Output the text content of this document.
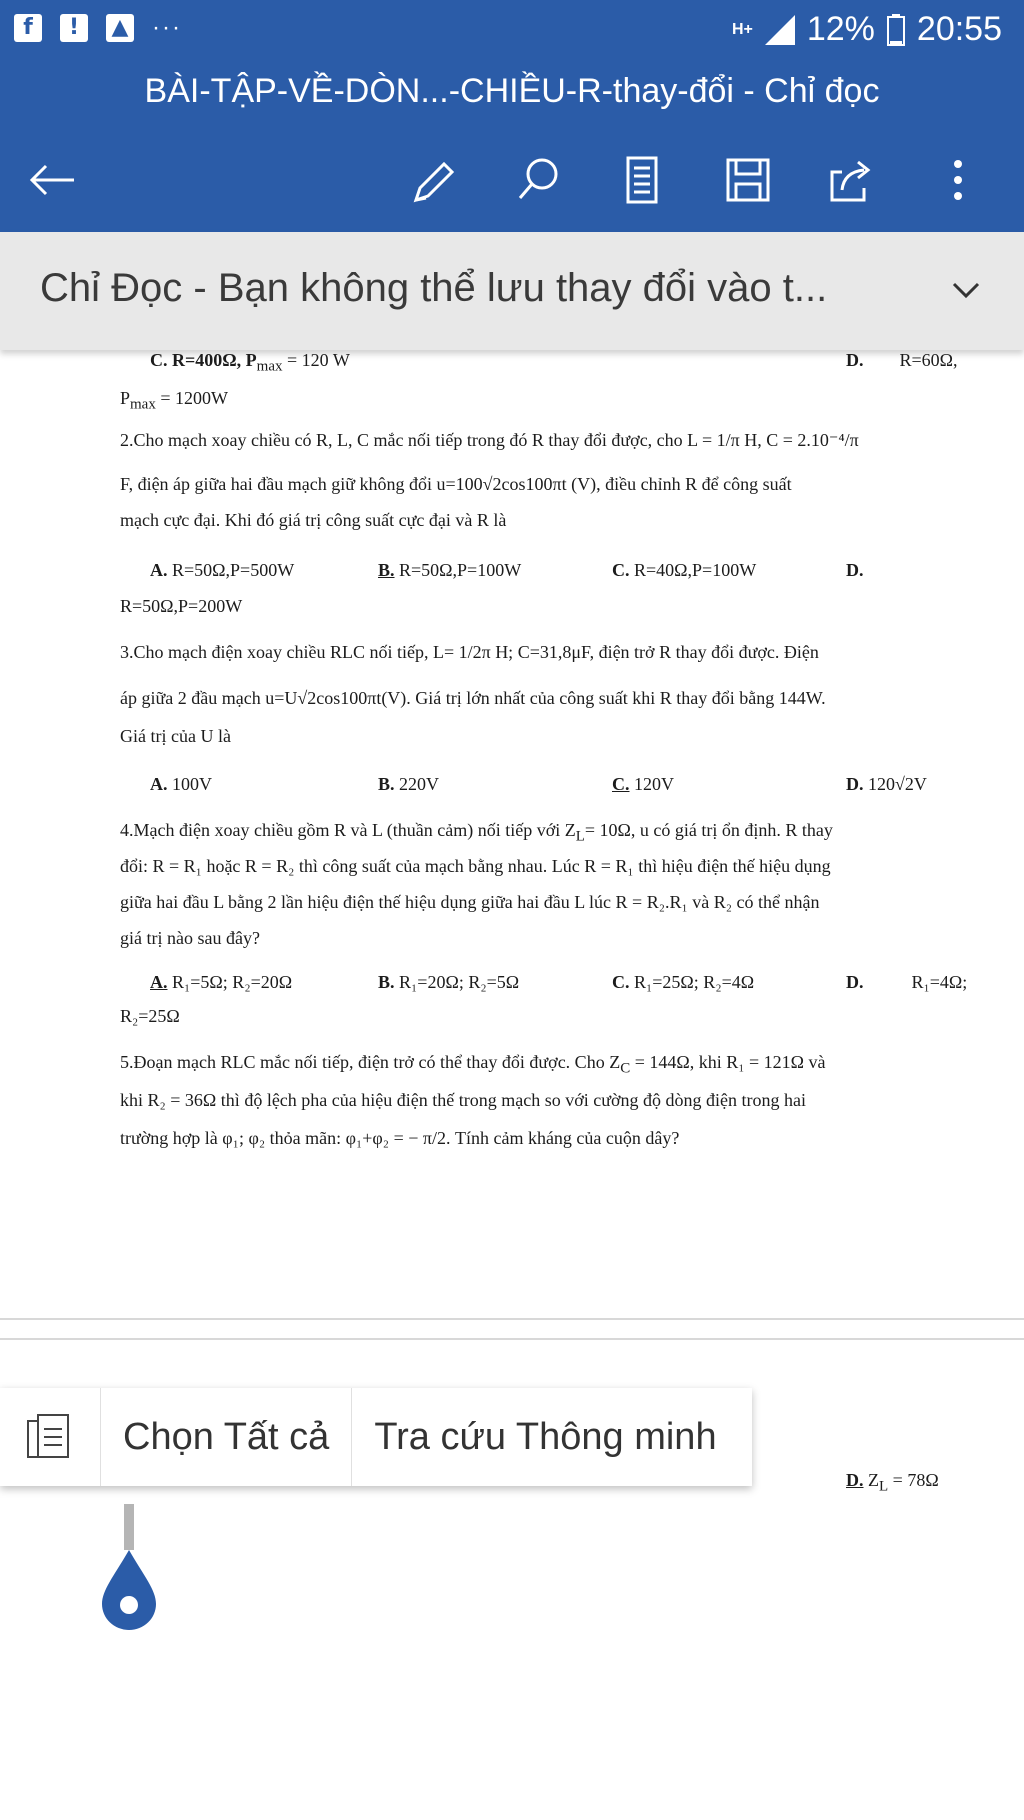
f	!	▲ ···	H+ 12% 20:55
BÀI-TẬP-VỀ-DÒN...-CHIỀU-R-thay-đổi - Chỉ đọc
Chỉ Đọc - Bạn không thể lưu thay đổi vào t...
C. R=400Ω, $P_{max} = 120$ W	D. R=60Ω,
$P_{max} = 1200W$
2.Cho mạch xoay chiều có R, L, C mắc nối tiếp trong đó R thay đổi được, cho L = 1/π H, C = 2.10⁻⁴/π
F, điện áp giữa hai đầu mạch giữ không đổi u=100√2cos100πt (V), điều chỉnh R để công suất
mạch cực đại. Khi đó giá trị công suất cực đại và R là
A. R=50Ω,P=500W	B. R=50Ω,P=100W	C. R=40Ω,P=100W	D.
R=50Ω,P=200W
3.Cho mạch điện xoay chiều RLC nối tiếp, L= 1/2π H; C=31,8μF, điện trở R thay đổi được. Điện
áp giữa 2 đầu mạch u=U√2cos100πt(V). Giá trị lớn nhất của công suất khi R thay đổi bằng 144W.
Giá trị của U là
A. 100V	B. 220V	C. 120V	D. 120√2V
4.Mạch điện xoay chiều gồm R và L (thuần cảm) nối tiếp với $Z_L= 10\Omega$, u có giá trị ổn định. R thay
đổi: R = R₁ hoặc R = R₂ thì công suất của mạch bằng nhau. Lúc R = R₁ thì hiệu điện thế hiệu dụng
giữa hai đầu L bằng 2 lần hiệu điện thế hiệu dụng giữa hai đầu L lúc R = R₂.R₁ và R₂ có thể nhận
giá trị nào sau đây?
A. R₁=5Ω; R₂=20Ω	B. R₁=20Ω; R₂=5Ω	C. R₁=25Ω; R₂=4Ω	D.	R₁=4Ω;
R₂=25Ω
5.Đoạn mạch RLC mắc nối tiếp, điện trở có thể thay đổi được. Cho $Z_C = 144\Omega$, khi R₁ = 121Ω và
khi R₂ = 36Ω thì độ lệch pha của hiệu điện thế trong mạch so với cường độ dòng điện trong hai
trường hợp là φ₁; φ₂ thỏa mãn: φ₁+φ₂ = − π/2. Tính cảm kháng của cuộn dây?
D. $Z_L = 78\Omega$
Chọn Tất cả	Tra cứu Thông minh
